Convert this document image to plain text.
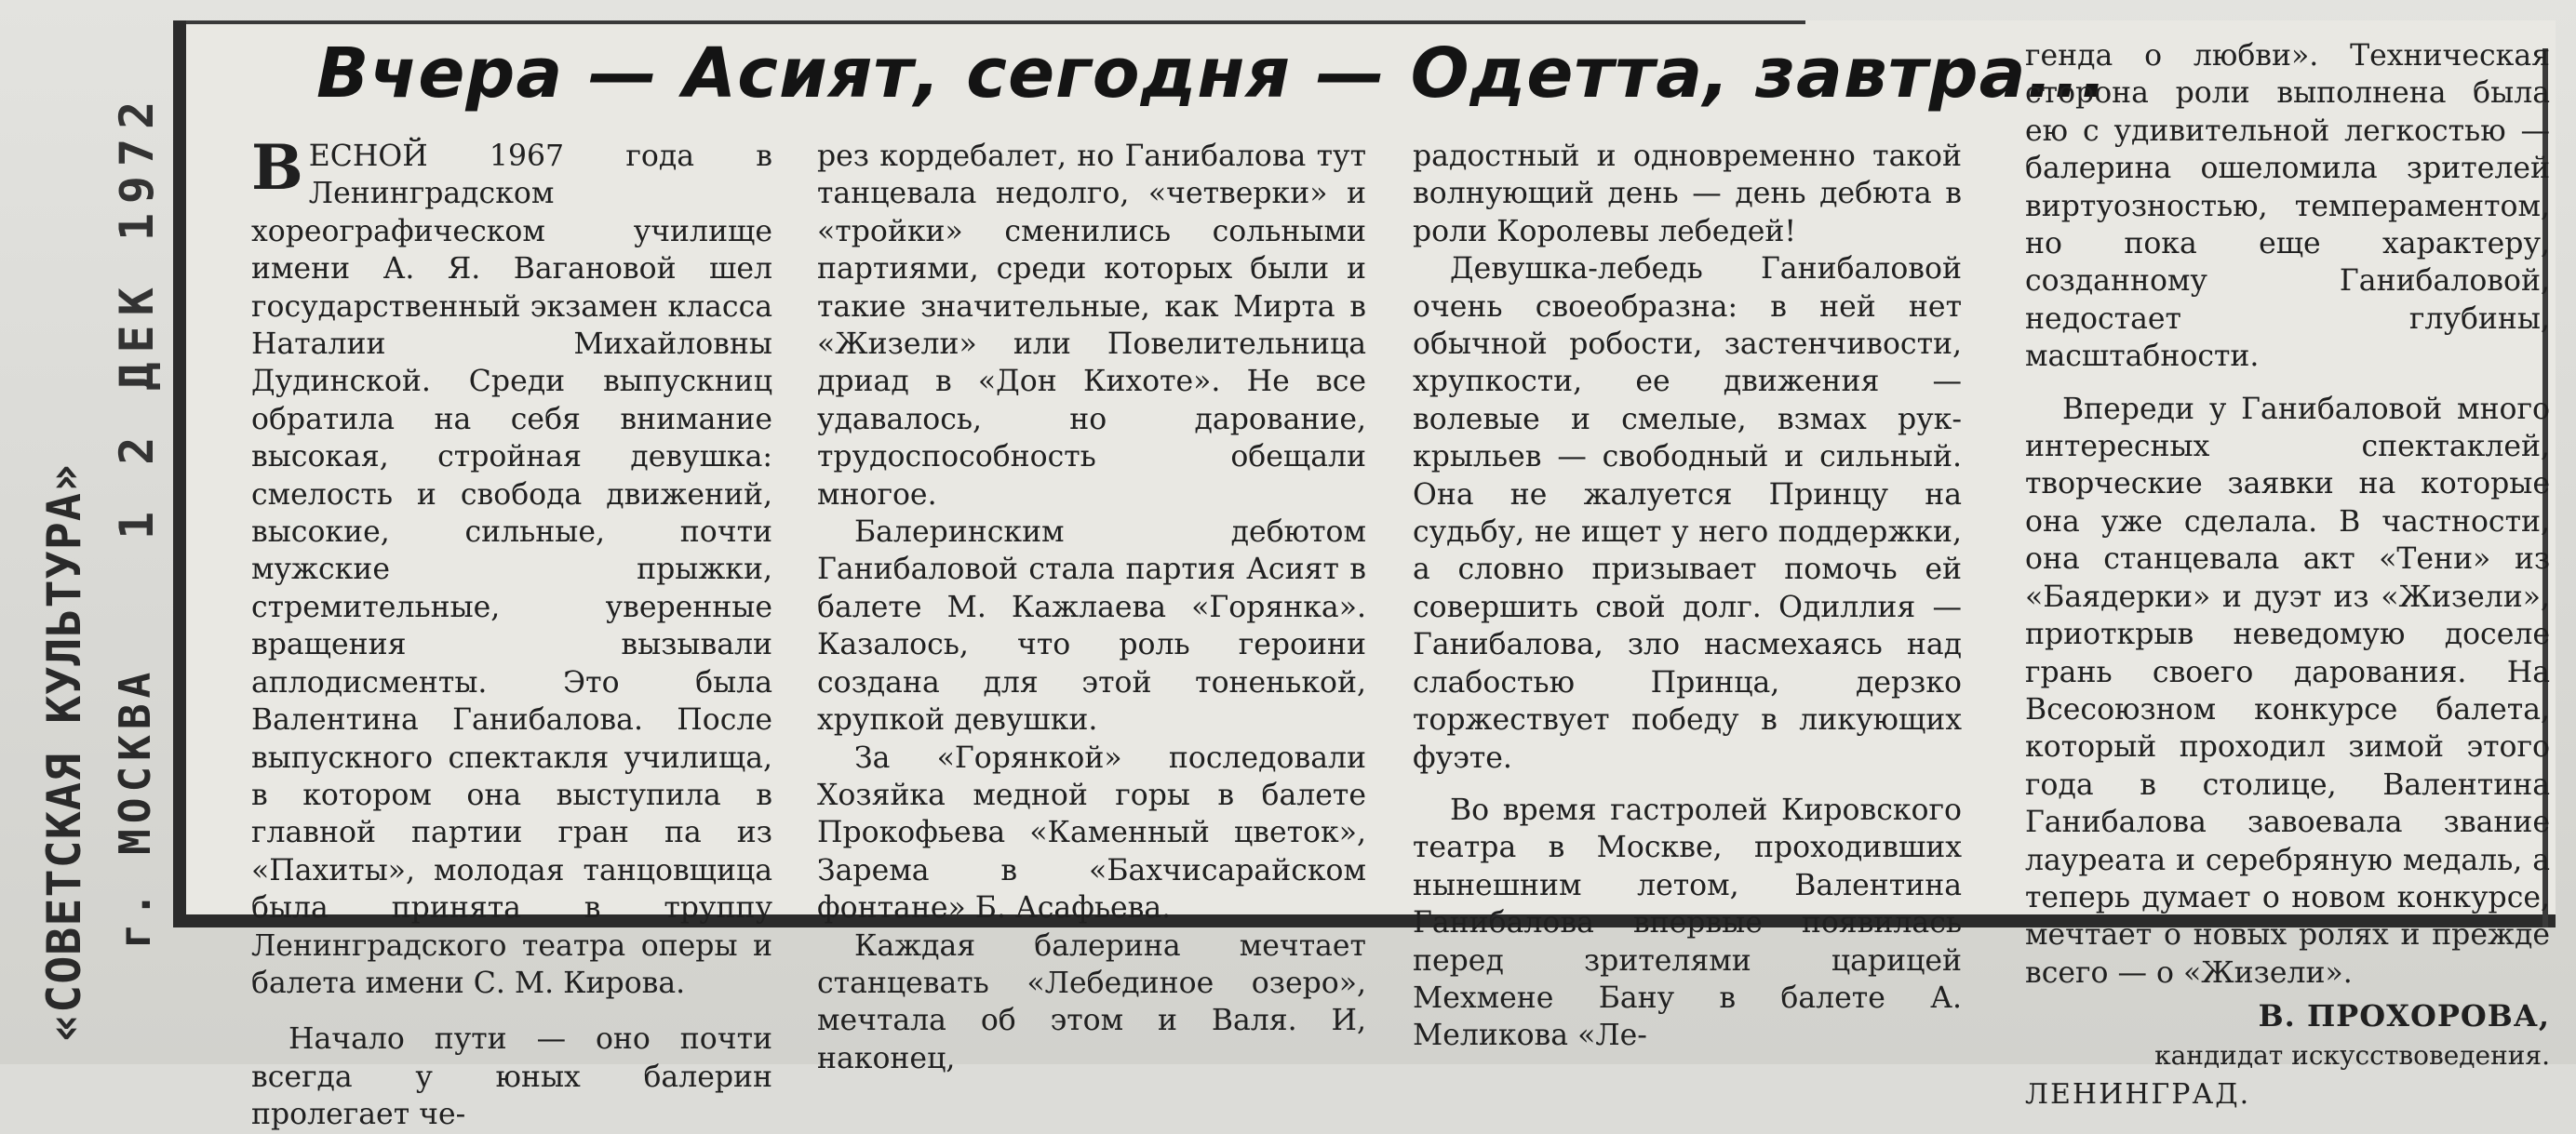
«СОВЕТСКАЯ КУЛЬТУРА» г. МОСКВА
1 2 ДЕК 1972
Вчера — Асият, сегодня — Одетта, завтра...

ВЕСНОЙ 1967 года в Ленинградском хореографическом училище имени А. Я. Вагановой шел государственный экзамен класса Наталии Михайловны Дудинской. Среди выпускниц обратила на себя внимание высокая, стройная девушка: смелость и свобода движений, высокие, сильные, почти мужские прыжки, стремительные, уверенные вращения вызывали аплодисменты. Это была Валентина Ганибалова. После выпускного спектакля училища, в котором она выступила в главной партии гран па из «Пахиты», молодая танцовщица была принята в труппу Ленинградского театра оперы и балета имени С. М. Кирова.

Начало пути — оно почти всегда у юных балерин пролегает че-

рез кордебалет, но Ганибалова тут танцевала недолго, «четверки» и «тройки» сменились сольными партиями, среди которых были и такие значительные, как Мирта в «Жизели» или Повелительница дриад в «Дон Кихоте». Не все удавалось, но дарование, трудоспособность обещали многое.

Балеринским дебютом Ганибаловой стала партия Асият в балете М. Кажлаева «Горянка». Казалось, что роль героини создана для этой тоненькой, хрупкой девушки.

За «Горянкой» последовали Хозяйка медной горы в балете Прокофьева «Каменный цветок», Зарема в «Бахчисарайском фонтане» Б. Асафьева.

Каждая балерина мечтает станцевать «Лебединое озеро», мечтала об этом и Валя. И, наконец,

радостный и одновременно такой волнующий день — день дебюта в роли Королевы лебедей!

Девушка-лебедь Ганибаловой очень своеобразна: в ней нет обычной робости, застенчивости, хрупкости, ее движения — волевые и смелые, взмах рук-крыльев — свободный и сильный. Она не жалуется Принцу на судьбу, не ищет у него поддержки, а словно призывает помочь ей совершить свой долг. Одиллия — Ганибалова, зло насмехаясь над слабостью Принца, дерзко торжествует победу в ликующих фуэте.

Во время гастролей Кировского театра в Москве, проходивших нынешним летом, Валентина Ганибалова впервые появилась перед зрителями царицей Мехмене Бану в балете А. Меликова «Ле-

генда о любви». Техническая сторона роли выполнена была ею с удивительной легкостью — балерина ошеломила зрителей виртуозностью, темпераментом, но пока еще характеру, созданному Ганибаловой, недостает глубины, масштабности.

Впереди у Ганибаловой много интересных спектаклей, творческие заявки на которые она уже сделала. В частности, она станцевала акт «Тени» из «Баядерки» и дуэт из «Жизели», приоткрыв неведомую доселе грань своего дарования. На Всесоюзном конкурсе балета, который проходил зимой этого года в столице, Валентина Ганибалова завоевала звание лауреата и серебряную медаль, а теперь думает о новом конкурсе, мечтает о новых ролях и прежде всего — о «Жизели».

В. ПРОХОРОВА,
кандидат искусствоведения.
ЛЕНИНГРАД.
